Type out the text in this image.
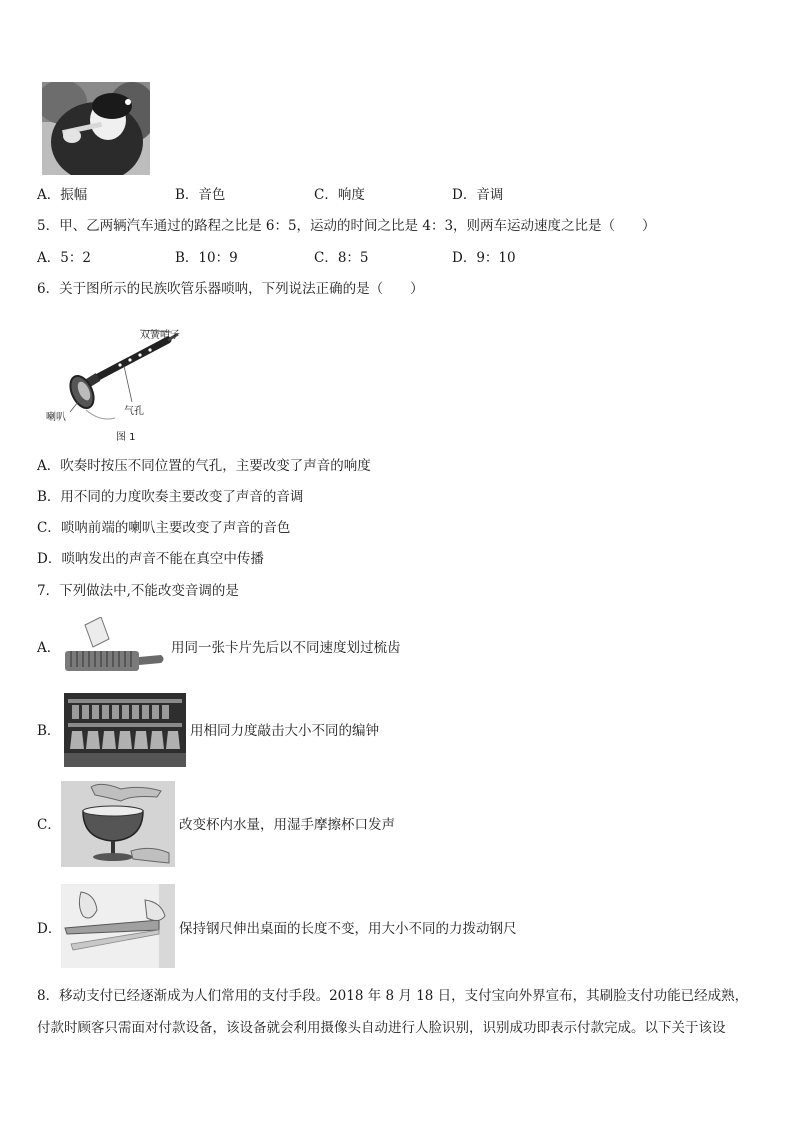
A．振幅	B．音色	C．响度	D．音调
5．甲、乙两辆汽车通过的路程之比是 6：5，运动的时间之比是 4：3，则两车运动速度之比是（　　）
A．5：2	B．10：9	C．8：5	D．9：10
6．关于图所示的民族吹管乐器唢呐，下列说法正确的是（　　）
双簧哨子
气孔
喇叭
图 1
A．吹奏时按压不同位置的气孔，主要改变了声音的响度
B．用不同的力度吹奏主要改变了声音的音调
C．唢呐前端的喇叭主要改变了声音的音色
D．唢呐发出的声音不能在真空中传播
7．下列做法中,不能改变音调的是
A．	用同一张卡片先后以不同速度划过梳齿
B．	用相同力度敲击大小不同的编钟
C．	改变杯内水量，用湿手摩擦杯口发声
D．	保持钢尺伸出桌面的长度不变，用大小不同的力拨动钢尺
8．移动支付已经逐渐成为人们常用的支付手段。2018 年 8 月 18 日，支付宝向外界宣布，其刷脸支付功能已经成熟，
付款时顾客只需面对付款设备，该设备就会利用摄像头自动进行人脸识别，识别成功即表示付款完成。以下关于该设
